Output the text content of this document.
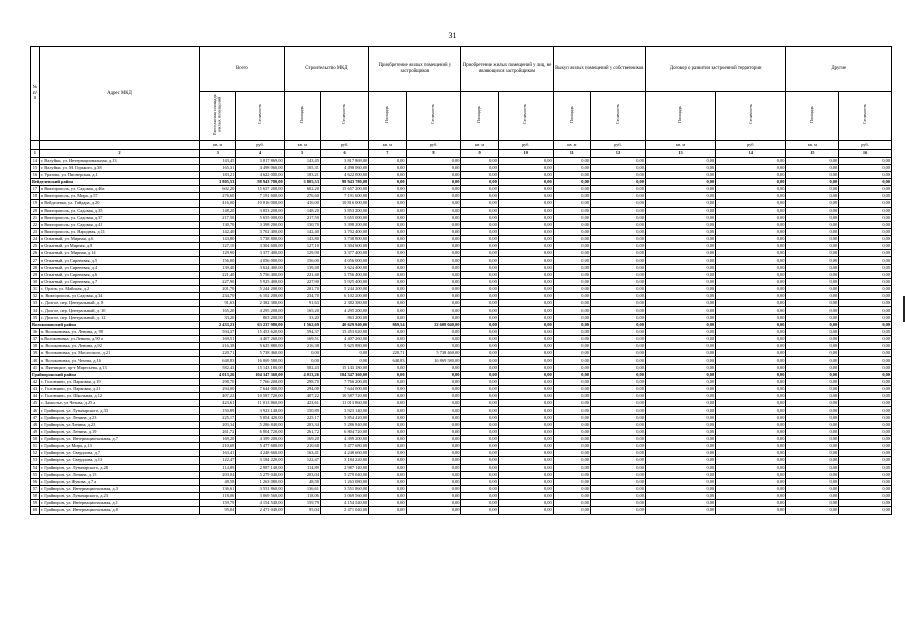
31
№ п/п	Адрес МКД	Всего		Строительство МКД		Приобретение жилых помещений у застройщиков		Приобретение жилых помещений у лиц, не являющихся застройщиком		Выкуп жилых помещений у собственников		Договор о развитии застроенной территории		Другие	
		Расселяемая площадь жилых помещений	Стоимость	Площадь	Стоимость	Площадь	Стоимость	Площадь	Стоимость	Площадь	Стоимость	Площадь	Стоимость	Площадь	Стоимость
		кв. м	руб.	кв. м	руб.	кв. м	руб.	кв. м	руб.	кв. м	руб.	кв. м	руб.	кв. м	руб.
1	2	3	4	5	6	7	8	9	10	11	12	13	14	15	16
14	г. Валуйки, ул. Интернациональная, д.13	143,45	3 817 869,00	143,45	3 817 869,00	0,00	0,00	0,00	0,00	0,00	0,00	0,00	0,00	0,00	0,00
15	г. Валуйки, ул. М. Горького, д.38	165,31	4 498 060,00	165,31	4 498 060,00	0,00	0,00	0,00	0,00	0,00	0,00	0,00	0,00	0,00	0,00
16	г. Уразово, ул. Пионерская, д.1	183,21	4 622 000,00	183,21	4 622 000,00	0,00	0,00	0,00	0,00	0,00	0,00	0,00	0,00	0,00	0,00
Вейделевский район		3 805,53	98 943 780,00	3 805,53	98 943 780,00	0,00	0,00	0,00	0,00	0,00	0,00	0,00	0,00	0,00	0,00
17	п Викторополь, ул. Садовая, д.46а	602,20	15 657 200,00	602,20	15 657 200,00	0,00	0,00	0,00	0,00	0,00	0,00	0,00	0,00	0,00	0,00
18	п Викторополь, ул. Мира, д.57	276,60	7 191 600,00	276,60	7 191 600,00	0,00	0,00	0,00	0,00	0,00	0,00	0,00	0,00	0,00	0,00
19	п Вейделевка, ул. Гайдара, д.20	416,00	10 816 000,00	416,00	10 816 000,00	0,00	0,00	0,00	0,00	0,00	0,00	0,00	0,00	0,00	0,00
20	п Викторополь, ул. Садовая, д.35	148,20	3 853 200,00	148,20	3 853 200,00	0,00	0,00	0,00	0,00	0,00	0,00	0,00	0,00	0,00	0,00
21	п Викторополь, ул. Садовая, д.37	217,50	5 655 000,00	217,50	5 655 000,00	0,00	0,00	0,00	0,00	0,00	0,00	0,00	0,00	0,00	0,00
22	п Викторополь, ул. Садовая, д.41	130,70	3 398 200,00	130,70	3 398 200,00	0,00	0,00	0,00	0,00	0,00	0,00	0,00	0,00	0,00	0,00
23	п Викторополь, ул. Народная, д.11	142,40	3 702 400,00	142,40	3 702 400,00	0,00	0,00	0,00	0,00	0,00	0,00	0,00	0,00	0,00	0,00
24	п Опытный, ул. Мирная, д.6	143,80	3 738 800,00	143,80	3 738 800,00	0,00	0,00	0,00	0,00	0,00	0,00	0,00	0,00	0,00	0,00
25	п Опытный, ул Мирная, д.8	127,10	3 304 600,00	127,10	3 304 600,00	0,00	0,00	0,00	0,00	0,00	0,00	0,00	0,00	0,00	0,00
26	п Опытный, ул. Мирная, д.14	129,90	3 377 400,00	129,90	3 377 400,00	0,00	0,00	0,00	0,00	0,00	0,00	0,00	0,00	0,00	0,00
27	п Опытный, ул Сиреневая, д.5	156,00	4 056 000,00	156,00	4 056 000,00	0,00	0,00	0,00	0,00	0,00	0,00	0,00	0,00	0,00	0,00
28	п Опытный, ул Сиреневая, д.4	139,40	3 624 400,00	139,40	3 624 400,00	0,00	0,00	0,00	0,00	0,00	0,00	0,00	0,00	0,00	0,00
29	п Опытный, ул Сиреневая, д.6	221,40	5 756 400,00	221,40	5 756 400,00	0,00	0,00	0,00	0,00	0,00	0,00	0,00	0,00	0,00	0,00
30	п Опытный, ул Сиреневая, д.7	227,90	5 925 400,00	227,90	5 925 400,00	0,00	0,00	0,00	0,00	0,00	0,00	0,00	0,00	0,00	0,00
31	с. Орлов, ул. Майская, д.2	201,70	5 244 200,00	201,70	5 244 200,00	0,00	0,00	0,00	0,00	0,00	0,00	0,00	0,00	0,00	0,00
32	п. Викторополь, ул Садовая, д.34	234,70	6 102 200,00	234,70	6 102 200,00	0,00	0,00	0,00	0,00	0,00	0,00	0,00	0,00	0,00	0,00
33	с. Долгое, пер. Центральный, д. 8	91,63	2 382 380,00	91,63	2 382 380,00	0,00	0,00	0,00	0,00	0,00	0,00	0,00	0,00	0,00	0,00
34	с. Долгое, пер. Центральный, д. 10	165,20	4 295 200,00	165,20	4 295 200,00	0,00	0,00	0,00	0,00	0,00	0,00	0,00	0,00	0,00	0,00
35	с. Долгое, пер. Центральный, д. 12	33,20	863 200,00	33,20	863 200,00	0,00	0,00	0,00	0,00	0,00	0,00	0,00	0,00	0,00	0,00
Волоконовский район		2 433,23	63 237 980,00	1 562,69	40 629 940,00	869,54	22 608 040,00	0,00	0,00	0,00	0,00	0,00	0,00	0,00	0,00
36	п. Волоконовка, ул. Ленина, д. 90	594,37	15 453 620,00	594,37	15 453 620,00	0,00	0,00	0,00	0,00	0,00	0,00	0,00	0,00	0,00	0,00
37	п.Волоконовка, ул.Ленина, д.90 а	169,51	4 407 260,00	169,51	4 407 260,00	0,00	0,00	0,00	0,00	0,00	0,00	0,00	0,00	0,00	0,00
38	п. Волоконовка, ул. Ленина, д.92	216,38	5 625 880,00	216,38	5 625 880,00	0,00	0,00	0,00	0,00	0,00	0,00	0,00	0,00	0,00	0,00
39	п. Волоконовка, ул. Маслоского, д.21	220,71	5 738 460,00	0,00	0,00	220,71	5 738 460,00	0,00	0,00	0,00	0,00	0,00	0,00	0,00	0,00
40	п. Волоконовка, ул. Чехова, д.16	648,83	16 869 580,00	0,00	0,00	648,83	16 869 580,00	0,00	0,00	0,00	0,00	0,00	0,00	0,00	0,00
41	п. Пятницкое, пр-т Маресьева, д.13	582,43	15 143 180,00	582,43	15 143 180,00	0,00	0,00	0,00	0,00	0,00	0,00	0,00	0,00	0,00	0,00
Грайворонский район		4 013,26	104 347 360,00	4 013,26	104 347 360,00	0,00	0,00	0,00	0,00	0,00	0,00	0,00	0,00	0,00	0,00
42	с. Головчино, ул. Парковая, д.19	298,70	7 766 200,00	298,70	7 766 200,00	0,00	0,00	0,00	0,00	0,00	0,00	0,00	0,00	0,00	0,00
43	с. Головчино, ул. Парковая, д.21	294,00	7 644 000,00	294,00	7 644 000,00	0,00	0,00	0,00	0,00	0,00	0,00	0,00	0,00	0,00	0,00
44	с. Головчино, ул. Школьная, д.12	407,22	10 587 720,00	407,22	10 587 720,00	0,00	0,00	0,00	0,00	0,00	0,00	0,00	0,00	0,00	0,00
45	с. Замостье, ул Чехова, д.25 а	423,61	11 013 860,00	423,61	11 013 860,00	0,00	0,00	0,00	0,00	0,00	0,00	0,00	0,00	0,00	0,00
46	г. Грайворон, ул. Луначарского, д.33	150,89	3 923 140,00	150,89	3 923 140,00	0,00	0,00	0,00	0,00	0,00	0,00	0,00	0,00	0,00	0,00
47	г. Грайворон, ул. Ленина, д.23	225,17	5 854 420,00	225,17	5 854 420,00	0,00	0,00	0,00	0,00	0,00	0,00	0,00	0,00	0,00	0,00
48	г. Грайворон, ул Ленина, д.23	203,34	5 286 840,00	203,34	5 286 840,00	0,00	0,00	0,00	0,00	0,00	0,00	0,00	0,00	0,00	0,00
49	г. Грайворон, ул. Ленина, д.19	261,72	6 804 720,00	261,72	6 804 720,00	0,00	0,00	0,00	0,00	0,00	0,00	0,00	0,00	0,00	0,00
50	г. Грайворон, ул. Интернациональная, д.7	169,20	4 399 200,00	169,20	4 399 200,00	0,00	0,00	0,00	0,00	0,00	0,00	0,00	0,00	0,00	0,00
51	г. Грайворон, ул Мира, д.13	210,68	5 477 680,00	210,68	5 477 680,00	0,00	0,00	0,00	0,00	0,00	0,00	0,00	0,00	0,00	0,00
52	г. Грайворон, ул. Свердлова, д.7	163,41	4 248 660,00	163,41	4 248 660,00	0,00	0,00	0,00	0,00	0,00	0,00	0,00	0,00	0,00	0,00
53	г. Грайворон, ул. Свердлова, д.13	122,47	3 184 220,00	122,47	3 184 220,00	0,00	0,00	0,00	0,00	0,00	0,00	0,00	0,00	0,00	0,00
54	г. Грайворон, ул. Луначарского, д.28	114,89	2 987 140,00	114,89	2 987 140,00	0,00	0,00	0,00	0,00	0,00	0,00	0,00	0,00	0,00	0,00
55	г. Грайворон, ул. Ленина, д.15	203,04	5 279 040,00	203,04	5 279 040,00	0,00	0,00	0,00	0,00	0,00	0,00	0,00	0,00	0,00	0,00
56	г. Грайворон, ул Жукова, д.7 а	48,58	1 263 080,00	48,58	1 263 080,00	0,00	0,00	0,00	0,00	0,00	0,00	0,00	0,00	0,00	0,00
57	г. Грайворон, ул. Интернациональная, д.3	136,61	3 551 860,00	136,61	3 551 860,00	0,00	0,00	0,00	0,00	0,00	0,00	0,00	0,00	0,00	0,00
58	г. Грайворон, ул. Луначарского, д.23	118,06	3 069 560,00	118,06	3 069 560,00	0,00	0,00	0,00	0,00	0,00	0,00	0,00	0,00	0,00	0,00
59	г. Грайворон, ул. Интернациональная, д.1	159,79	4 154 540,00	159,79	4 154 540,00	0,00	0,00	0,00	0,00	0,00	0,00	0,00	0,00	0,00	0,00
60	г. Грайворон, ул. Интернациональная, д.8	95,04	2 471 040,00	95,04	2 471 040,00	0,00	0,00	0,00	0,00	0,00	0,00	0,00	0,00	0,00	0,00
